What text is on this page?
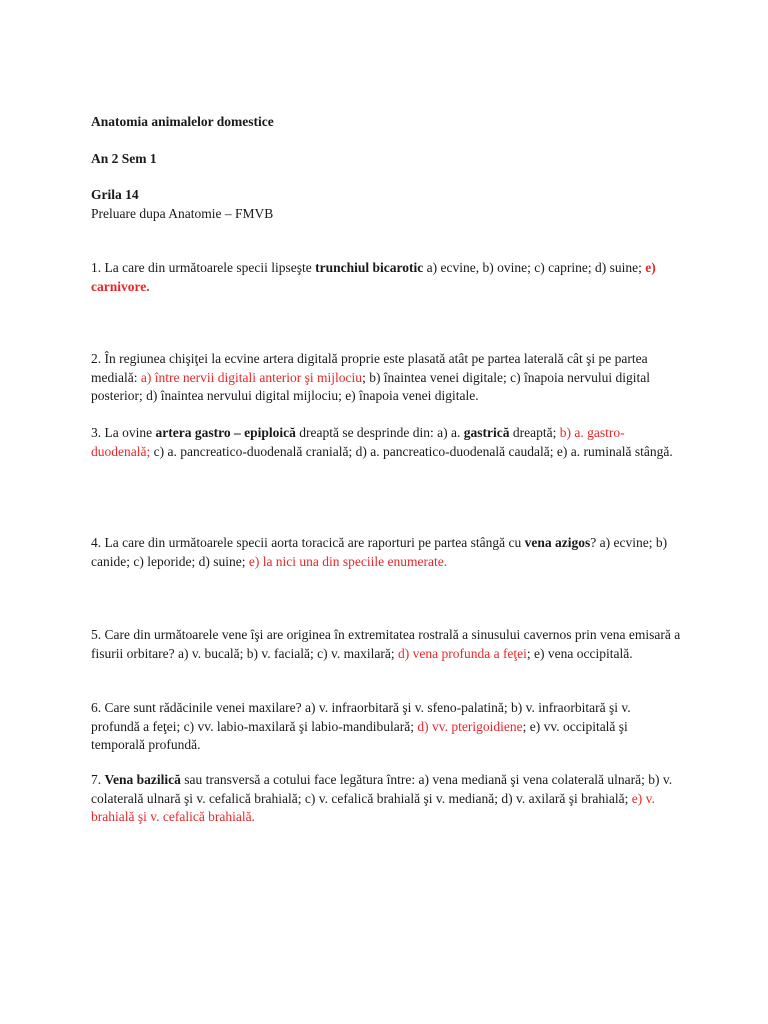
Anatomia animalelor domestice

An 2 Sem 1

Grila 14

Preluare dupa Anatomie – FMVB

1. La care din următoarele specii lipseşte trunchiul bicarotic a) ecvine, b) ovine; c) caprine; d) suine; e) carnivore.

2. În regiunea chişiţei la ecvine artera digitală proprie este plasată atât pe partea laterală cât şi pe partea medială: a) între nervii digitali anterior şi mijlociu; b) înaintea venei digitale; c) înapoia nervului digital posterior; d) înaintea nervului digital mijlociu; e) înapoia venei digitale.

3. La ovine artera gastro – epiploică dreaptă se desprinde din: a) a. gastrică dreaptă; b) a. gastro-duodenală; c) a. pancreatico-duodenală cranială; d) a. pancreatico-duodenală caudală; e) a. ruminală stângă.

4. La care din următoarele specii aorta toracică are raporturi pe partea stângă cu vena azigos? a) ecvine; b) canide; c) leporide; d) suine; e) la nici una din speciile enumerate.

5. Care din următoarele vene îşi are originea în extremitatea rostrală a sinusului cavernos prin vena emisară a fisurii orbitare? a) v. bucală; b) v. facială; c) v. maxilară; d) vena profunda a feţei; e) vena occipitală.

6. Care sunt rădăcinile venei maxilare? a) v. infraorbitară şi v. sfeno-palatină; b) v. infraorbitară şi v. profundă a feţei; c) vv. labio-maxilară şi labio-mandibulară; d) vv. pterigoidiene; e) vv. occipitală şi temporală profundă.

7. Vena bazilică sau transversă a cotului face legătura între: a) vena mediană şi vena colaterală ulnară; b) v. colaterală ulnară şi v. cefalică brahială; c) v. cefalică brahială şi v. mediană; d) v. axilară şi brahială; e) v. brahială şi v. cefalică brahială.
